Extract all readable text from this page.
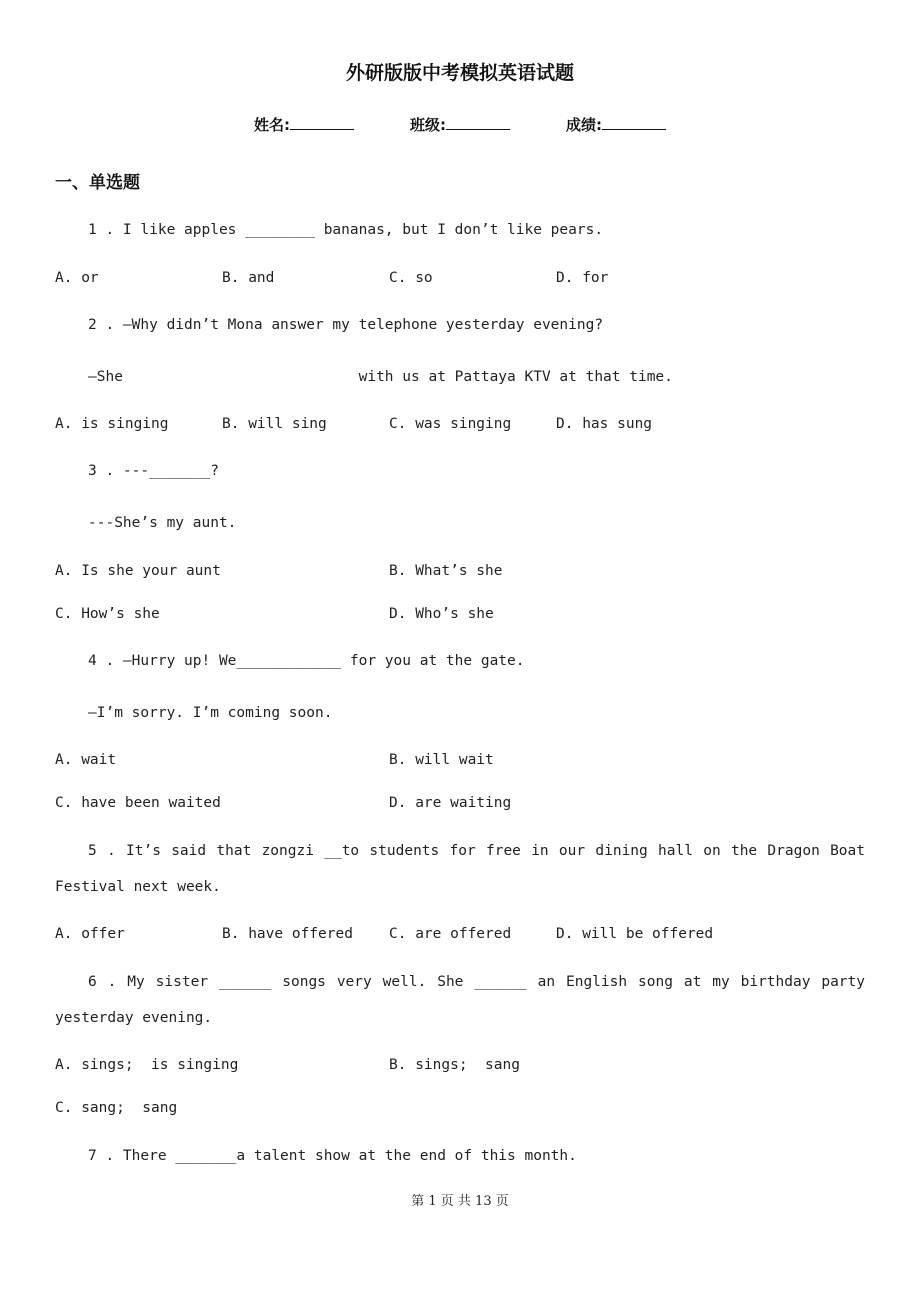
外研版版中考模拟英语试题
姓名:	班级:	成绩:
一、单选题
1 . I like apples ________ bananas, but I don’t like pears.
A. or	B. and	C. so	D. for
2 . —Why didn’t Mona answer my telephone yesterday evening?
—She                           with us at Pattaya KTV at that time.
A. is singing	B. will sing	C. was singing	D. has sung
3 . ---_______?
---She’s my aunt.
A. Is she your aunt	B. What’s she
C. How’s she	D. Who’s she
4 . —Hurry up! We____________ for you at the gate.
—I’m sorry. I’m coming soon.
A. wait	B. will wait
C. have been waited	D. are waiting
5 . It’s said that zongzi __to students for free in our dining hall on the Dragon Boat Festival next week.
A. offer	B. have offered C. are offered	D. will be offered
6 . My sister ______ songs very well. She ______ an English song at my birthday party yesterday evening.
A. sings;  is singing	B. sings;  sang
C. sang;  sang
7 . There _______a talent show at the end of this month.
第 1 页 共 13 页
